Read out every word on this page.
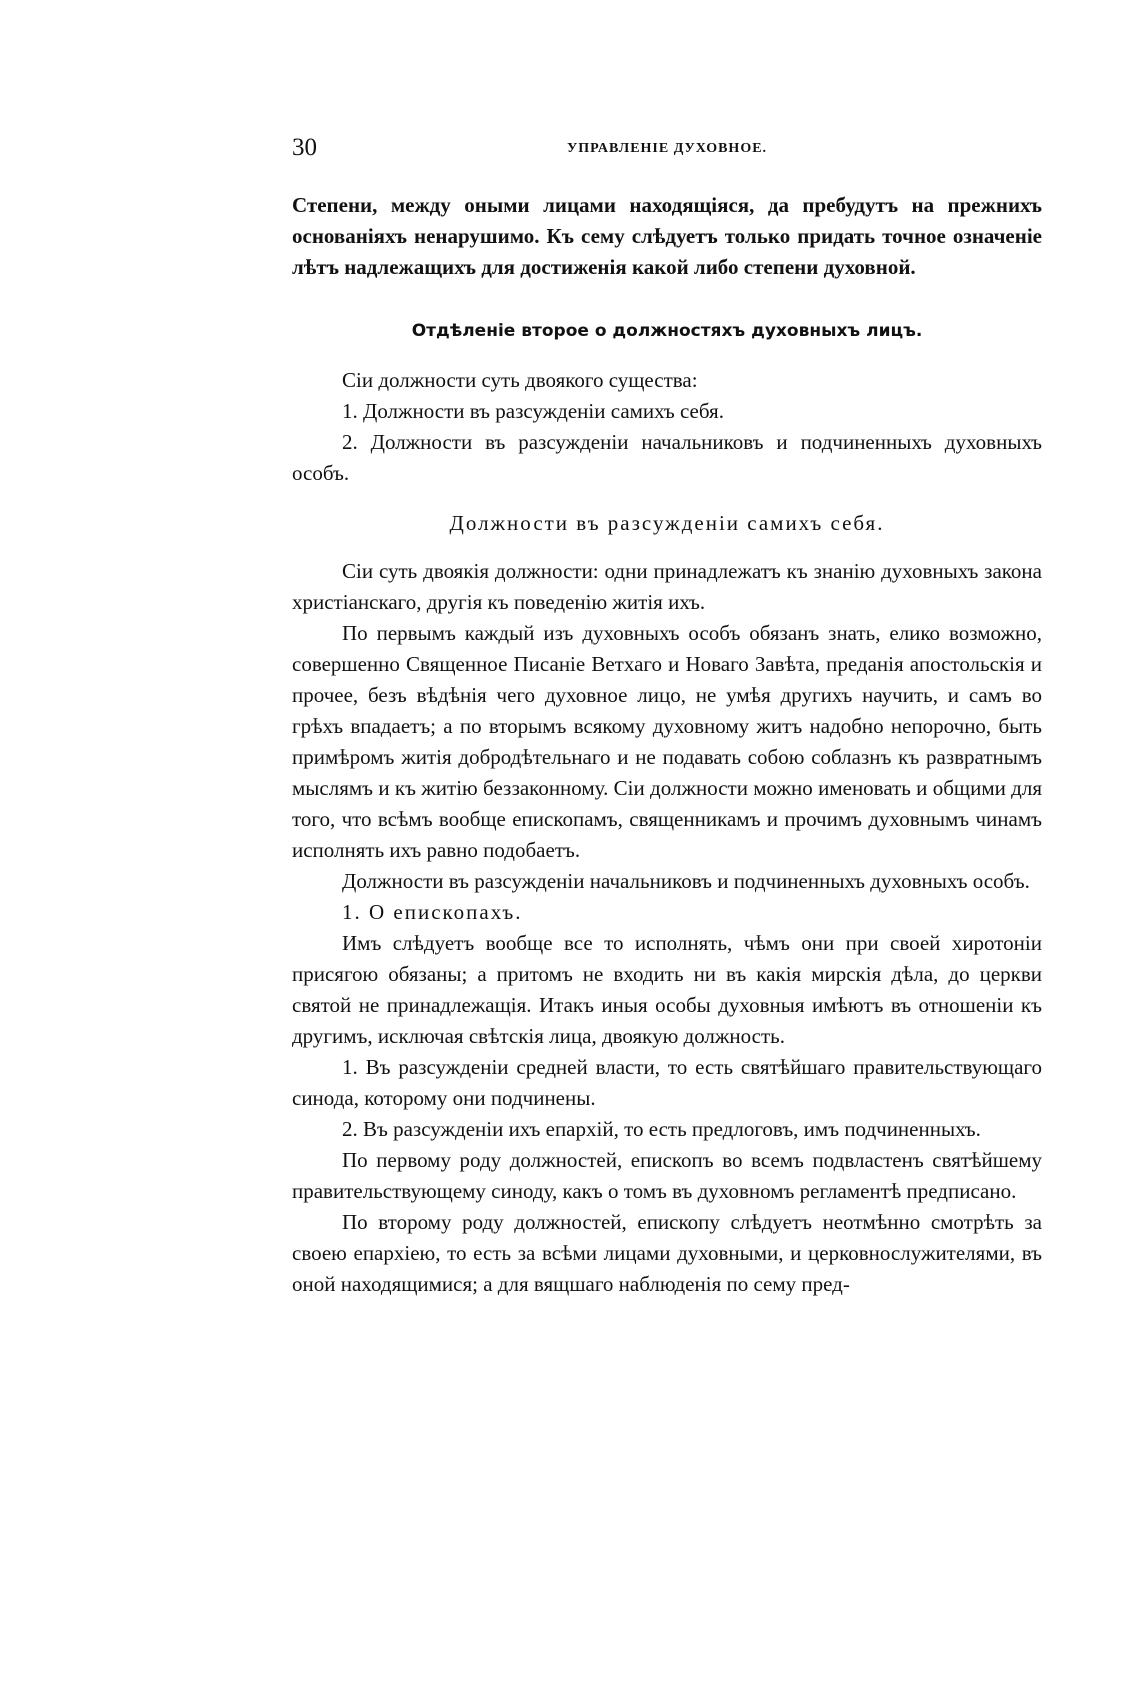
30	УПРАВЛЕНІЕ ДУХОВНОЕ.

Степени, между оными лицами находящіяся, да пребудутъ на прежнихъ основаніяхъ ненарушимо. Къ сему слѣдуетъ только придать точное означеніе лѣтъ надлежащихъ для достиженія какой либо степени духовной.

Отдѣленіе второе о должностяхъ духовныхъ лицъ.

Сіи должности суть двоякого существа:

1. Должности въ разсужденіи самихъ себя.

2. Должности въ разсужденіи начальниковъ и подчиненныхъ духовныхъ особъ.

Должности въ разсужденіи самихъ себя.

Сіи суть двоякія должности: одни принадлежатъ къ знанію духовныхъ закона христіанскаго, другія къ поведенію житія ихъ.

По первымъ каждый изъ духовныхъ особъ обязанъ знать, елико возможно, совершенно Священное Писаніе Ветхаго и Новаго Завѣта, преданія апостольскія и прочее, безъ вѣдѣнія чего духовное лицо, не умѣя другихъ научить, и самъ во грѣхъ впадаетъ; а по вторымъ всякому духовному житъ надобно непорочно, быть примѣромъ житія добродѣтельнаго и не подавать собою соблазнъ къ развратнымъ мыслямъ и къ житію беззаконному. Сіи должности можно именовать и общими для того, что всѣмъ вообще епископамъ, священникамъ и прочимъ духовнымъ чинамъ исполнять ихъ равно подобаетъ.

Должности въ разсужденіи начальниковъ и подчиненныхъ духовныхъ особъ.

1. О епископахъ.

Имъ слѣдуетъ вообще все то исполнять, чѣмъ они при своей хиротоніи присягою обязаны; а притомъ не входить ни въ какія мирскія дѣла, до церкви святой не принадлежащія. Итакъ иныя особы духовныя имѣютъ въ отношеніи къ другимъ, исключая свѣтскія лица, двоякую должность.

1. Въ разсужденіи средней власти, то есть святѣйшаго правительствующаго синода, которому они подчинены.

2. Въ разсужденіи ихъ епархій, то есть предлоговъ, имъ подчиненныхъ.

По первому роду должностей, епископъ во всемъ подвластенъ святѣйшему правительствующему синоду, какъ о томъ въ духовномъ регламентѣ предписано.

По второму роду должностей, епископу слѣдуетъ неотмѣнно смотрѣть за своею епархіею, то есть за всѣми лицами духовными, и церковнослужителями, въ оной находящимися; а для вящшаго наблюденія по сему пред-
